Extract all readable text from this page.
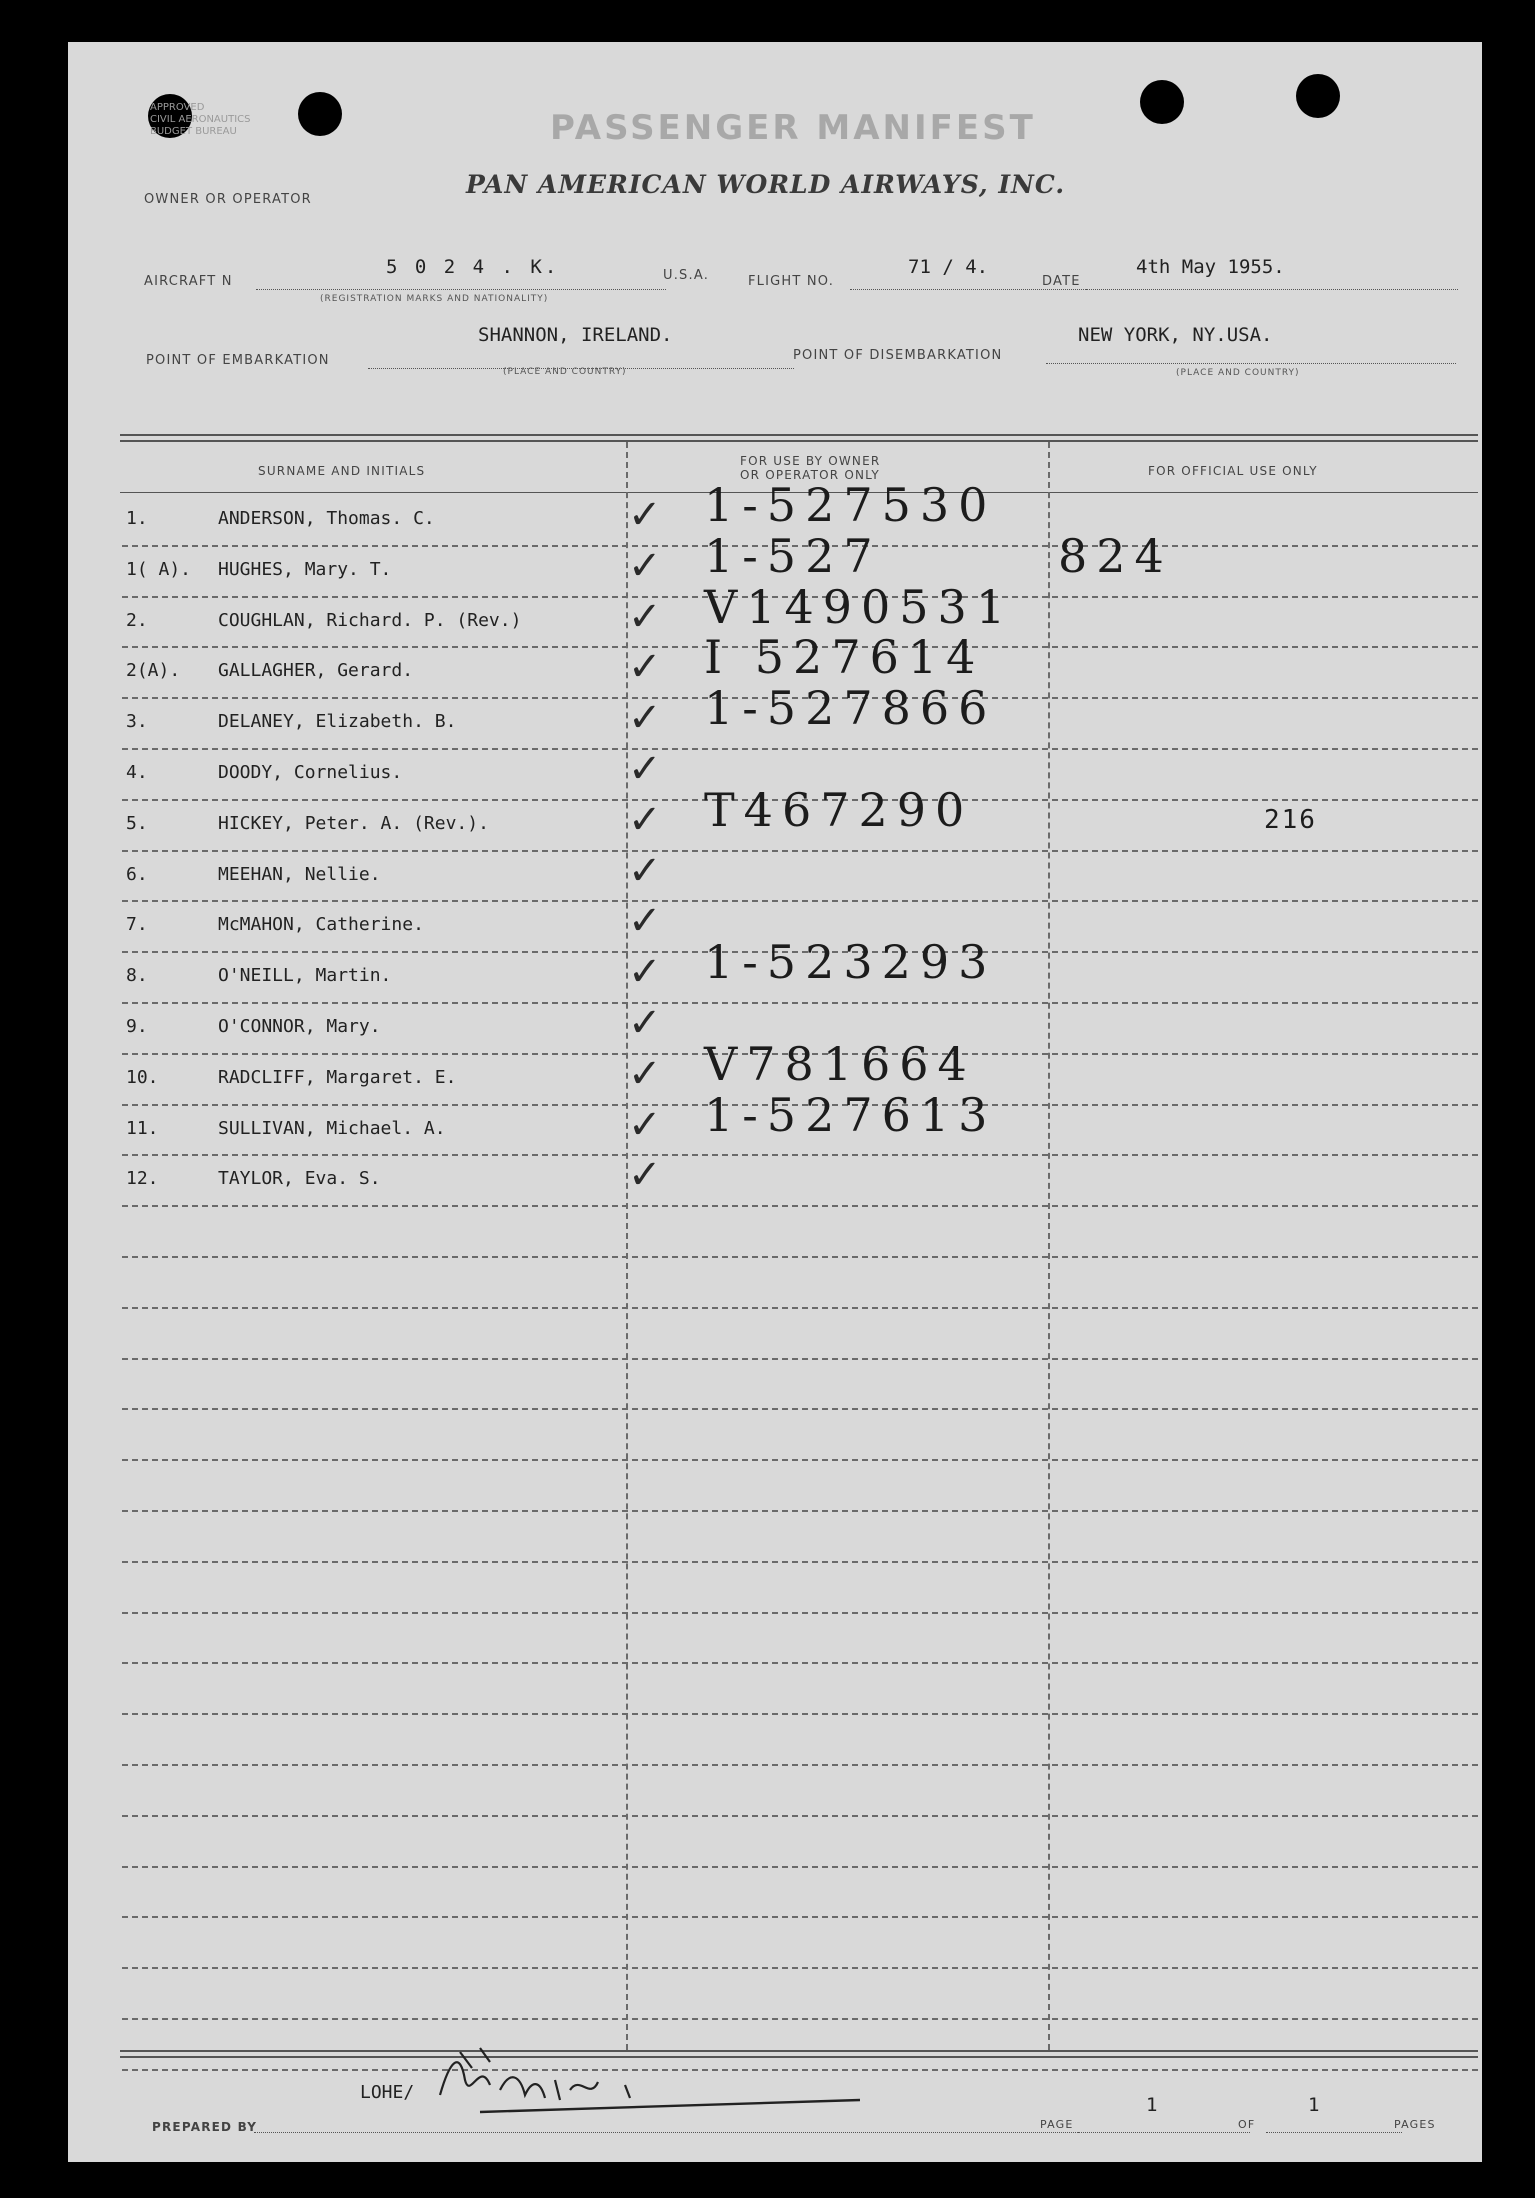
APPROVED
CIVIL AERONAUTICS
BUDGET BUREAU	PASSENGER MANIFEST
OWNER OR OPERATOR
PAN AMERICAN WORLD AIRWAYS, INC.
AIRCRAFT N
5 0 2 4 . K.
(REGISTRATION MARKS AND NATIONALITY)
U.S.A.	FLIGHT NO.
71 / 4.
DATE
4th May 1955.
POINT OF EMBARKATION
SHANNON, IRELAND.
(PLACE AND COUNTRY)
POINT OF DISEMBARKATION
NEW YORK, NY.USA.
(PLACE AND COUNTRY)
SURNAME AND INITIALS
FOR USE BY OWNER
OR OPERATOR ONLY	FOR OFFICIAL USE ONLY
1.	ANDERSON, Thomas. C.	✓ 1-527530
1( A). HUGHES, Mary. T.	✓ 1-527	824
2.	COUGHLAN, Richard. P. (Rev.)	✓ V1490531
2(A). GALLAGHER, Gerard.	✓ I 527614
3.	DELANEY, Elizabeth. B.	✓ 1-527866
4.	DOODY, Cornelius.	✓
5.	HICKEY, Peter. A. (Rev.).	✓ T467290	216
6.	MEEHAN, Nellie.	✓
7.	McMAHON, Catherine.	✓
8.	O'NEILL, Martin.	✓ 1-523293
9.	O'CONNOR, Mary.	✓
10.	RADCLIFF, Margaret. E.	✓ V781664
11.	SULLIVAN, Michael. A.	✓ 1-527613
12.	TAYLOR, Eva. S.	✓
PREPARED BY
LOHE/
PAGE
1
OF
1
PAGES
